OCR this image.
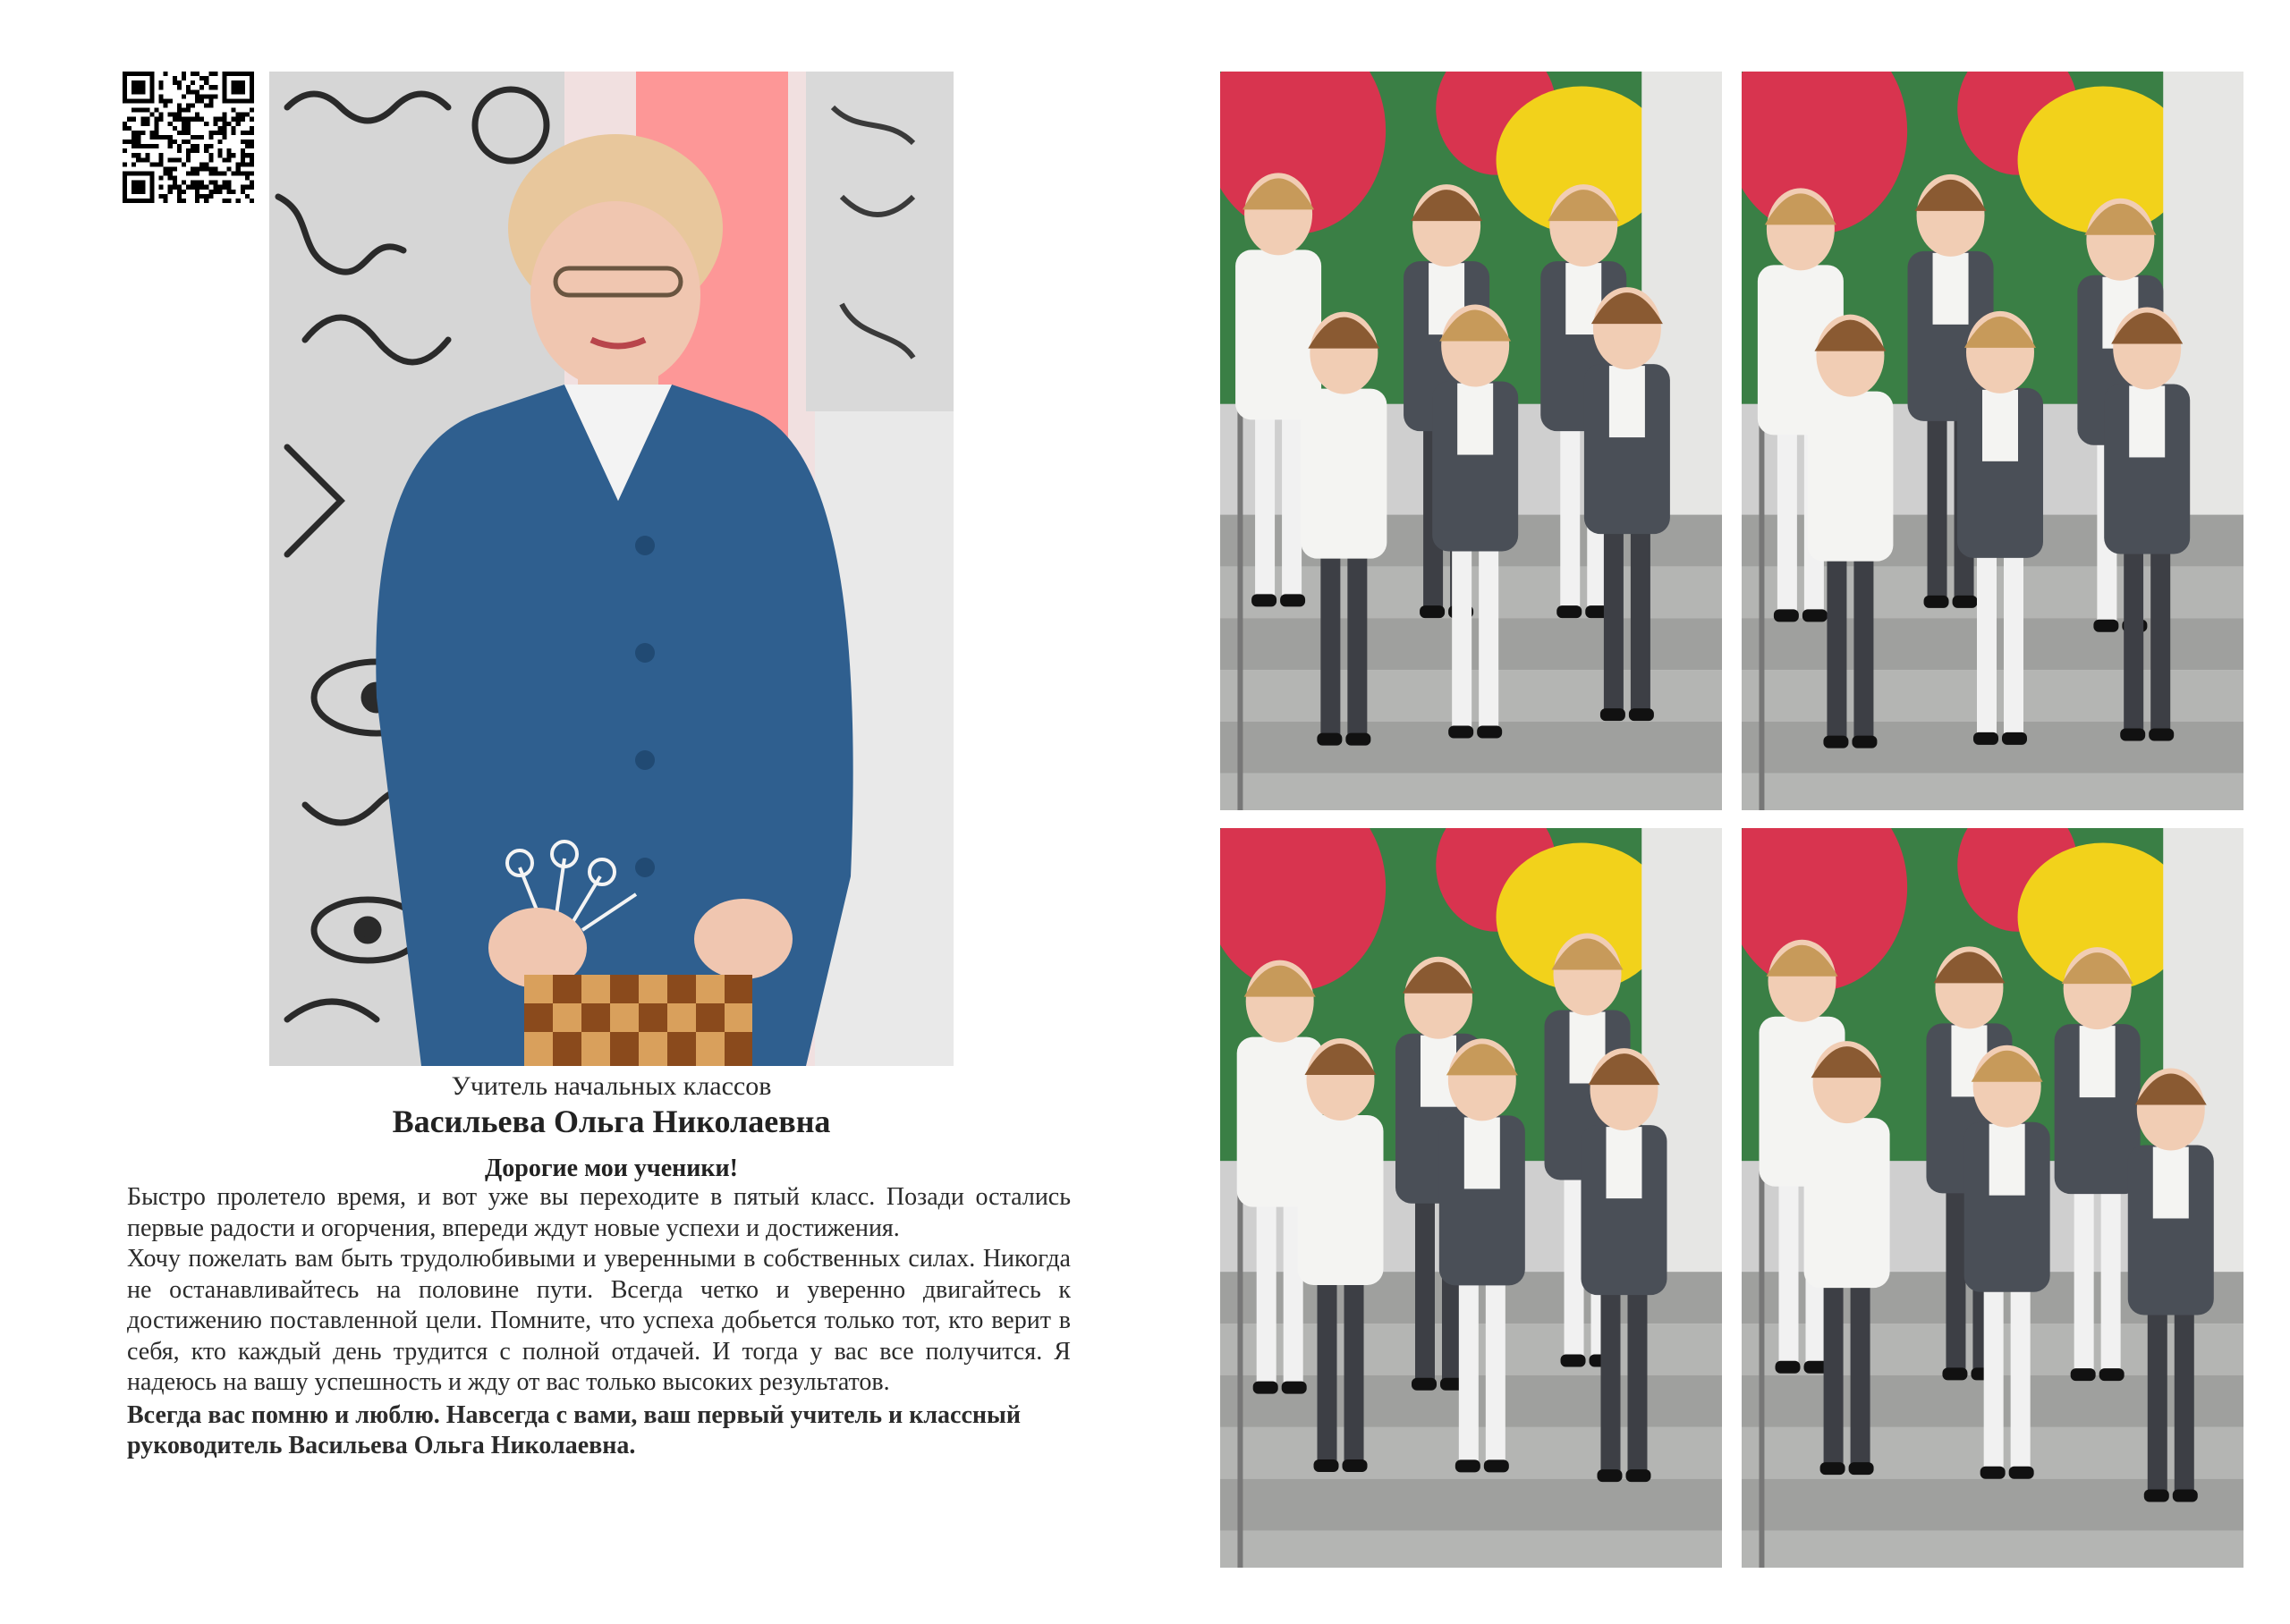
Учитель начальных классов
Васильева Ольга Николаевна
Дорогие мои ученики!

Быстро пролетело время, и вот уже вы переходите в пятый класс. Позади остались первые радости и огорчения, впереди ждут новые успехи и достижения.

Хочу пожелать вам быть трудолюбивыми и уверенными в собственных силах. Никогда не останавливайтесь на половине пути. Всегда четко и уверенно двигайтесь к достижению поставленной цели. Помните, что успеха добьется только тот, кто верит в себя, кто каждый день трудится с полной отдачей. И тогда у вас все получится. Я надеюсь на вашу успешность и жду от вас только высоких результатов.

Всегда вас помню и люблю. Навсегда с вами, ваш первый учитель и классный руководитель Васильева Ольга Николаевна.
